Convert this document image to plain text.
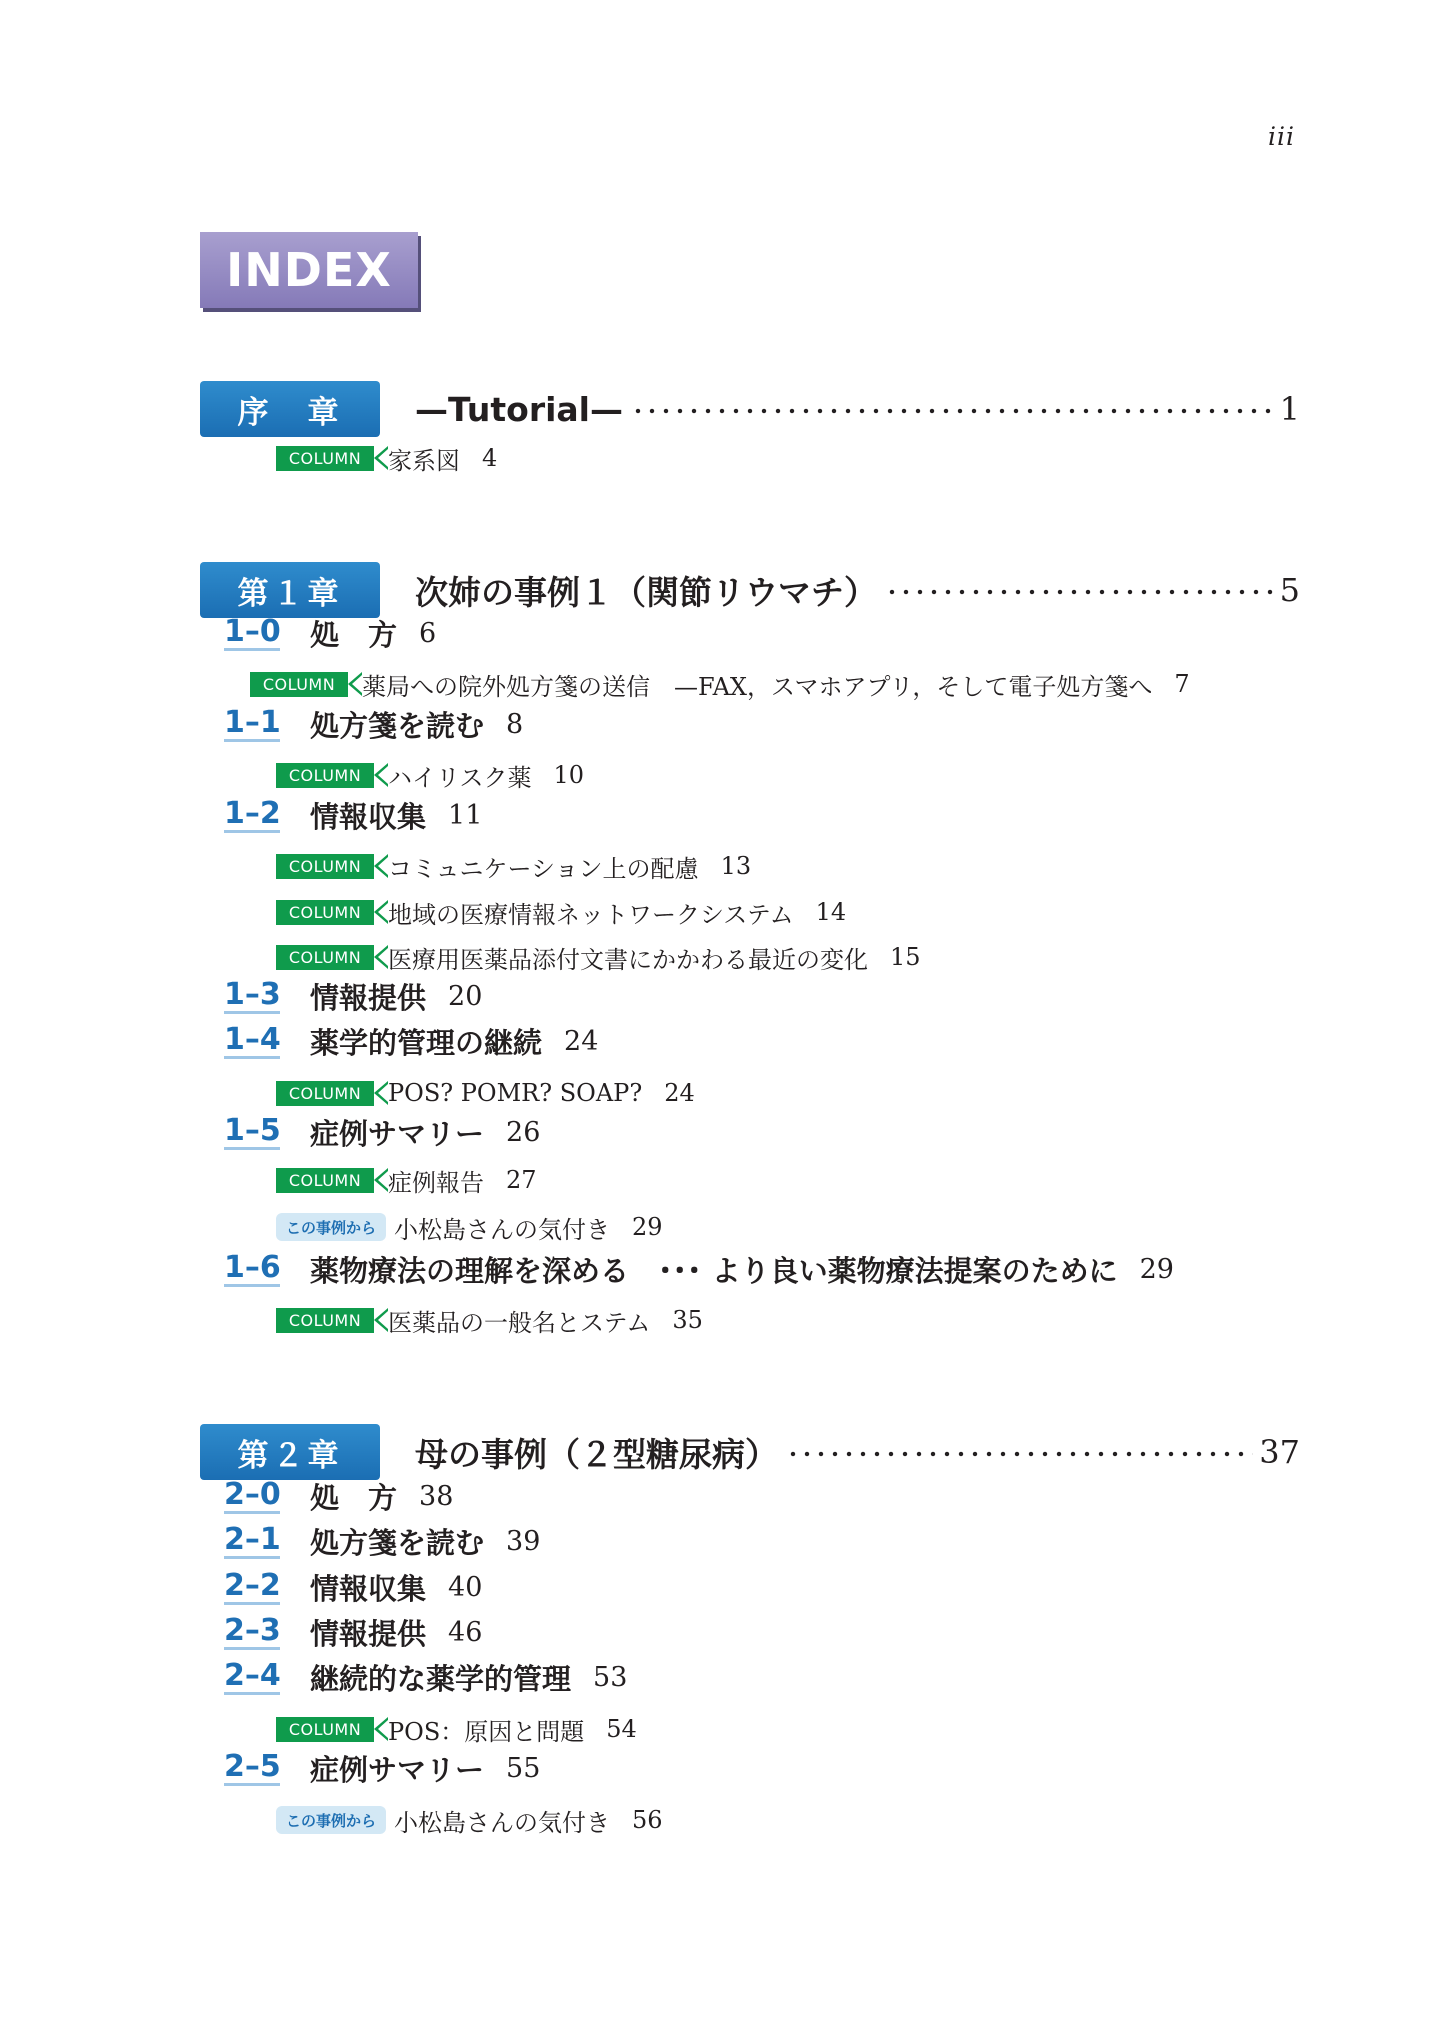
iii
INDEX
序　章	—Tutorial—	1
COLUMN	家系図 4
第１章	次姉の事例１（関節リウマチ）	5
1–0 処　方 6
COLUMN	薬局への院外処方箋の送信　—FAX，スマホアプリ，そして電子処方箋へ 7
1–1 処方箋を読む 8
COLUMN	ハイリスク薬 10
1–2 情報収集 11
COLUMN	コミュニケーション上の配慮 13
COLUMN	地域の医療情報ネットワークシステム 14
COLUMN	医療用医薬品添付文書にかかわる最近の変化 15
1–3 情報提供 20
1–4 薬学的管理の継続 24
COLUMN	POS? POMR? SOAP? 24
1–5 症例サマリー 26
COLUMN	症例報告 27
この事例から 小松島さんの気付き 29
1–6 薬物療法の理解を深める　･･･ より良い薬物療法提案のために 29
COLUMN	医薬品の一般名とステム 35
第２章	母の事例（２型糖尿病）	37
2–0 処　方 38
2–1 処方箋を読む 39
2–2 情報収集 40
2–3 情報提供 46
2–4 継続的な薬学的管理 53
COLUMN	POS：原因と問題 54
2–5 症例サマリー 55
この事例から 小松島さんの気付き 56
